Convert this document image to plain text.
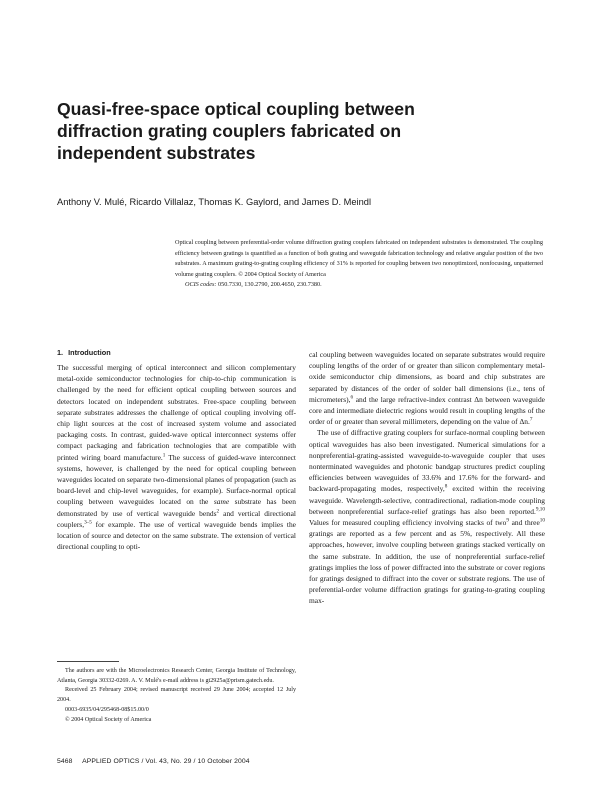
Quasi-free-space optical coupling between diffraction grating couplers fabricated on independent substrates
Anthony V. Mulé, Ricardo Villalaz, Thomas K. Gaylord, and James D. Meindl

Optical coupling between preferential-order volume diffraction grating couplers fabricated on independent substrates is demonstrated. The coupling efficiency between gratings is quantified as a function of both grating and waveguide fabrication technology and relative angular position of the two substrates. A maximum grating-to-grating coupling efficiency of 31% is reported for coupling between two nonoptimized, nonfocusing, unpatterned volume grating couplers. © 2004 Optical Society of America

OCIS codes: 050.7330, 130.2790, 200.4650, 230.7380.

1. Introduction

The successful merging of optical interconnect and silicon complementary metal-oxide semiconductor technologies for chip-to-chip communication is challenged by the need for efficient optical coupling between sources and detectors located on independent substrates. Free-space coupling between separate substrates addresses the challenge of optical coupling involving off-chip light sources at the cost of increased system volume and associated packaging costs. In contrast, guided-wave optical interconnect systems offer compact packaging and fabrication technologies that are compatible with printed wiring board manufacture.$^1$ The success of guided-wave interconnect systems, however, is challenged by the need for optical coupling between waveguides located on separate two-dimensional planes of propagation (such as board-level and chip-level waveguides, for example). Surface-normal optical coupling between waveguides located on the same substrate has been demonstrated by use of vertical waveguide bends$^2$ and vertical directional couplers,$^{3-5}$ for example. The use of vertical waveguide bends implies the location of source and detector on the same substrate. The extension of vertical directional coupling to opti-

cal coupling between waveguides located on separate substrates would require coupling lengths of the order of or greater than silicon complementary metal-oxide semiconductor chip dimensions, as board and chip substrates are separated by distances of the order of solder ball dimensions (i.e., tens of micrometers),$^6$ and the large refractive-index contrast Δn between waveguide core and intermediate dielectric regions would result in coupling lengths of the order of or greater than several millimeters, depending on the value of Δn.$^7$

The use of diffractive grating couplers for surface-normal coupling between optical waveguides has also been investigated. Numerical simulations for a nonpreferential-grating-assisted waveguide-to-waveguide coupler that uses nonterminated waveguides and photonic bandgap structures predict coupling efficiencies between waveguides of 33.6% and 17.6% for the forward- and backward-propagating modes, respectively,$^8$ excited within the receiving waveguide. Wavelength-selective, contradirectional, radiation-mode coupling between nonpreferential surface-relief gratings has also been reported.$^{9,10}$ Values for measured coupling efficiency involving stacks of two$^9$ and three$^{10}$ gratings are reported as a few percent and as 5%, respectively. All these approaches, however, involve coupling between gratings stacked vertically on the same substrate. In addition, the use of nonpreferential surface-relief gratings implies the loss of power diffracted into the substrate or cover regions for gratings designed to diffract into the cover or substrate regions. The use of preferential-order volume diffraction gratings for grating-to-grating coupling max-

The authors are with the Microelectronics Research Center, Georgia Institute of Technology, Atlanta, Georgia 30332-0269. A. V. Mulé's e-mail address is gt2925a@prism.gatech.edu.

Received 25 February 2004; revised manuscript received 29 June 2004; accepted 12 July 2004.

0003-6935/04/295468-08$15.00/0

© 2004 Optical Society of America

5468 APPLIED OPTICS / Vol. 43, No. 29 / 10 October 2004
